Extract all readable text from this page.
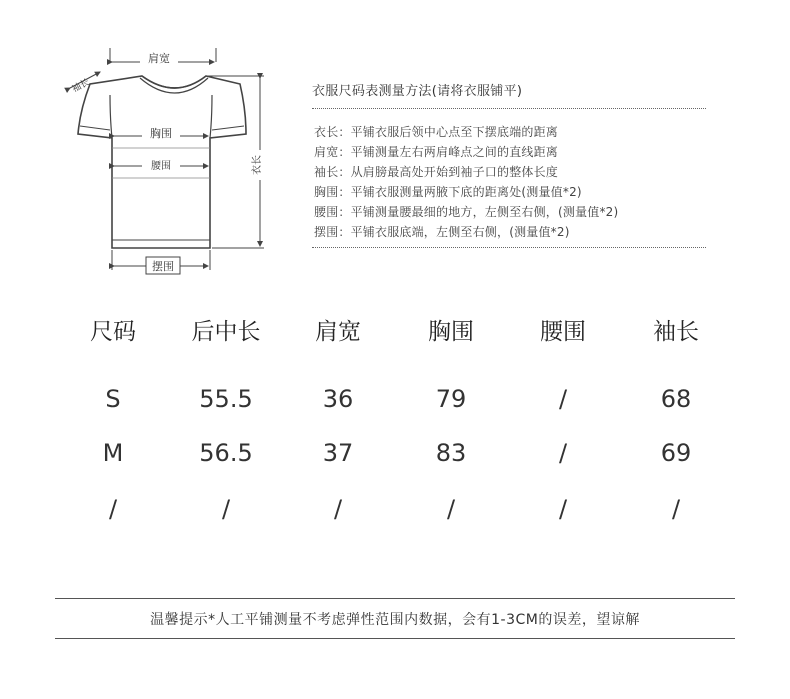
肩宽
袖长
胸围
腰围	衣长
摆围
衣服尺码表测量方法(请将衣服铺平)
衣长：平铺衣服后领中心点至下摆底端的距离
肩宽：平铺测量左右两肩峰点之间的直线距离
袖长：从肩膀最高处开始到袖子口的整体长度
胸围：平铺衣服测量两腋下底的距离处(测量值*2)
腰围：平铺测量腰最细的地方，左侧至右侧，(测量值*2)
摆围：平铺衣服底端，左侧至右侧，(测量值*2)
尺码	后中长	肩宽	胸围	腰围	袖长
S	55.5	36	79	/	68
M	56.5	37	83	/	69
/	/	/	/	/	/
温馨提示*人工平铺测量不考虑弹性范围内数据，会有1-3CM的误差，望谅解
